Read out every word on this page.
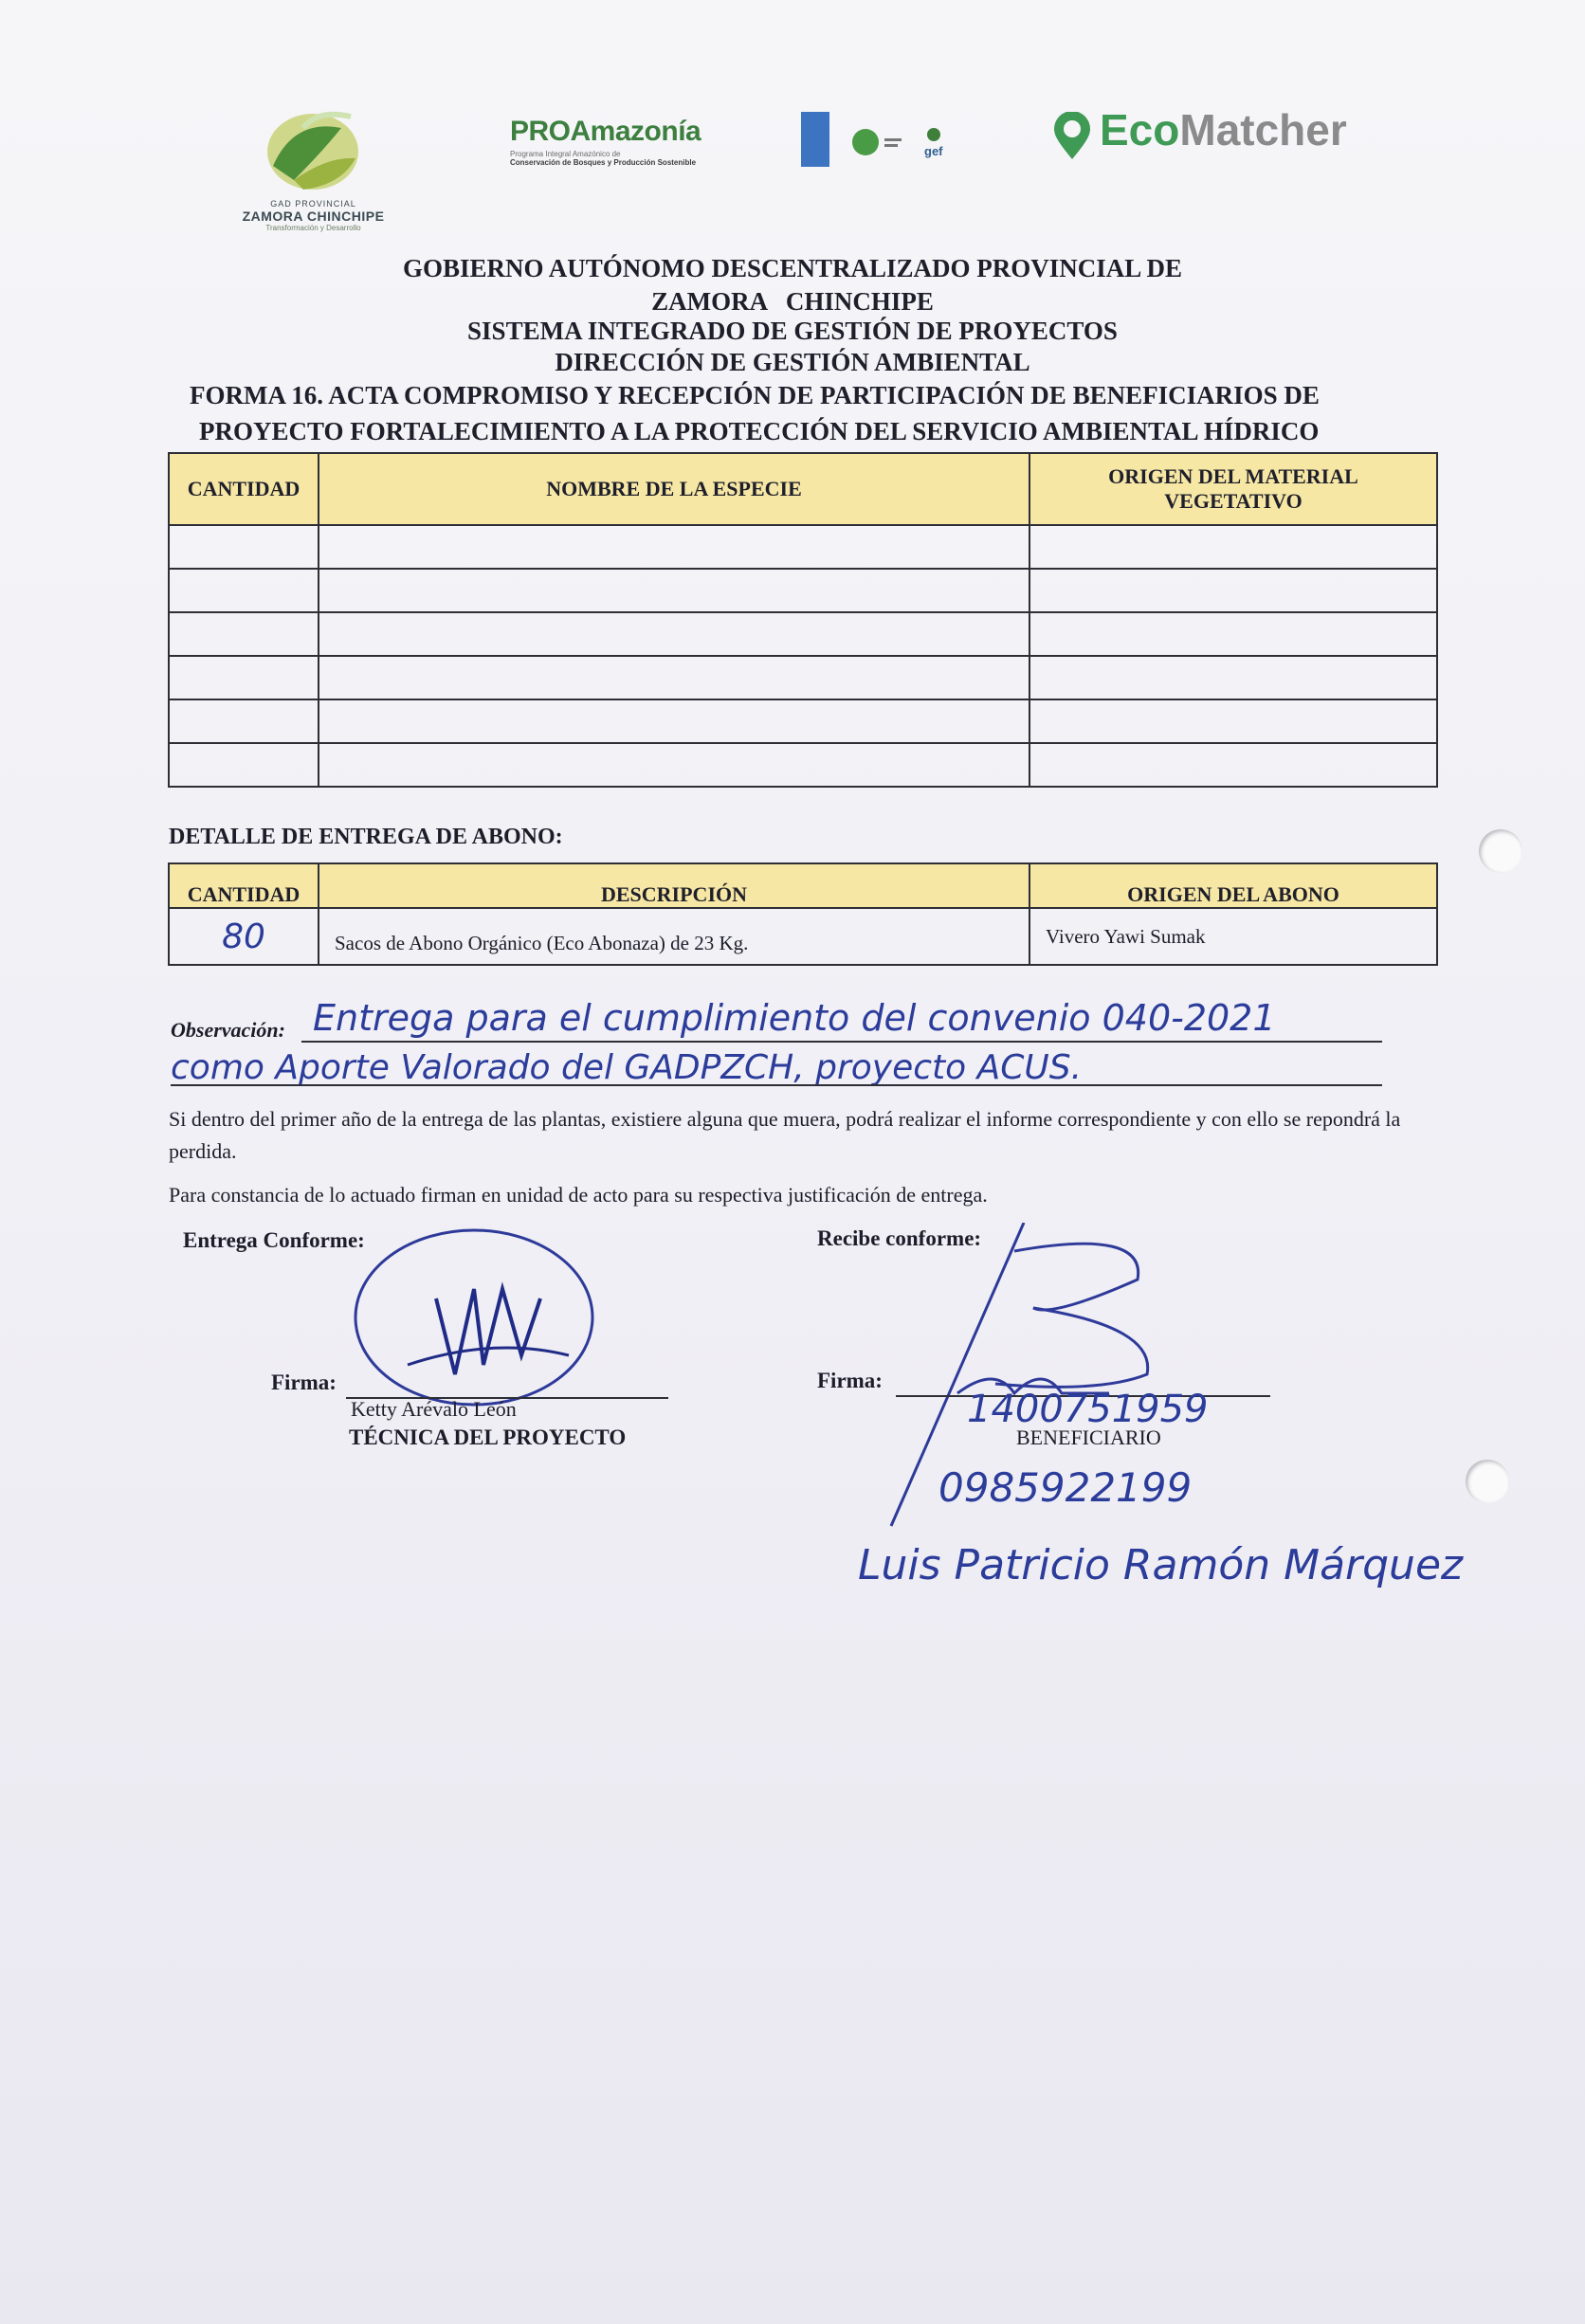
GAD PROVINCIAL
ZAMORA CHINCHIPE
Transformación y Desarrollo
PROAmazonía
Programa Integral Amazónico de
Conservación de Bosques y Producción Sostenible
gef	EcoMatcher
GOBIERNO AUTÓNOMO DESCENTRALIZADO PROVINCIAL DE
ZAMORA   CHINCHIPE
SISTEMA INTEGRADO DE GESTIÓN DE PROYECTOS
DIRECCIÓN DE GESTIÓN AMBIENTAL
FORMA 16. ACTA COMPROMISO Y RECEPCIÓN DE PARTICIPACIÓN DE BENEFICIARIOS DE
PROYECTO FORTALECIMIENTO A LA PROTECCIÓN DEL SERVICIO AMBIENTAL HÍDRICO
CANTIDAD	NOMBRE DE LA ESPECIE	ORIGEN DEL MATERIAL
VEGETATIVO

DETALLE DE ENTREGA DE ABONO:
CANTIDAD	DESCRIPCIÓN	ORIGEN DEL ABONO
80	Sacos de Abono Orgánico (Eco Abonaza) de 23 Kg.	Vivero Yawi Sumak
Observación: Entrega para el cumplimiento del convenio 040-2021
como Aporte Valorado del GADPZCH, proyecto ACUS.
Si dentro del primer año de la entrega de las plantas, existiere alguna que muera, podrá realizar el informe correspondiente y con ello se repondrá la perdida.
Para constancia de lo actuado firman en unidad de acto para su respectiva justificación de entrega.
Entrega Conforme:	Recibe conforme:
Firma:
Ketty Arévalo León
TÉCNICA DEL PROYECTO
Firma:
1400751959
BENEFICIARIO
0985922199
Luis Patricio Ramón Márquez
